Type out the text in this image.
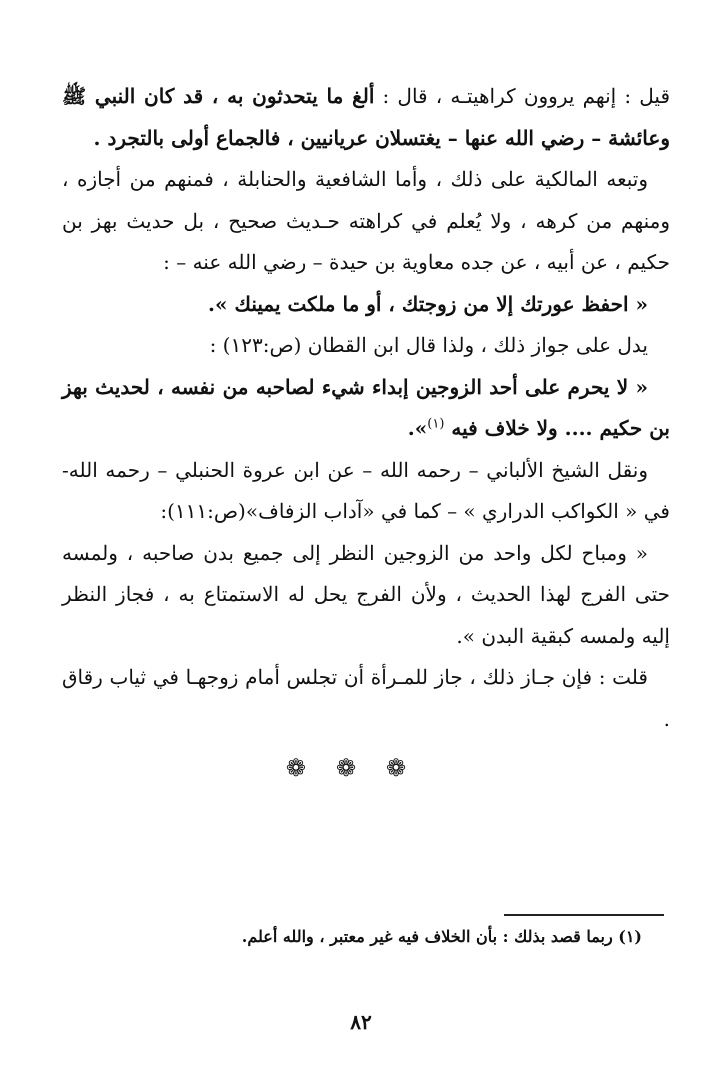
قيل : إنهم يروون كراهيتـه ، قال : ألغ ما يتحدثون به ، قد كان النبي ﷺ وعائشة – رضي الله عنها – يغتسلان عريانيين ، فالجماع أولى بالتجرد .

وتبعه المالكية على ذلك ، وأما الشافعية والحنابلة ، فمنهم من أجازه ، ومنهم من كرهه ، ولا يُعلم في كراهته حـديث صحيح ، بل حديث بهز بن حكيم ، عن أبيه ، عن جده معاوية بن حيدة – رضي الله عنه – :

« احفظ عورتك إلا من زوجتك ، أو ما ملكت يمينك ».

يدل على جواز ذلك ، ولذا قال ابن القطان (ص:١٢٣) :

« لا يحرم على أحد الزوجين إبداء شيء لصاحبه من نفسه ، لحديث بهز بن حكيم .... ولا خلاف فيه $^{(١)}$».

ونقل الشيخ الألباني – رحمه الله – عن ابن عروة الحنبلي – رحمه الله- في « الكواكب الدراري » – كما في «آداب الزفاف»(ص:١١١):

« ومباح لكل واحد من الزوجين النظر إلى جميع بدن صاحبه ، ولمسه حتى الفرج لهذا الحديث ، ولأن الفرج يحل له الاستمتاع به ، فجاز النظر إليه ولمسه كبقية البدن ».

قلت : فإن جـاز ذلك ، جاز للمـرأة أن تجلس أمام زوجهـا في ثياب رقاق .

❁❁❁
(١) ربما قصد بذلك : بأن الخلاف فيه غير معتبر ، والله أعلم.
٨٢
